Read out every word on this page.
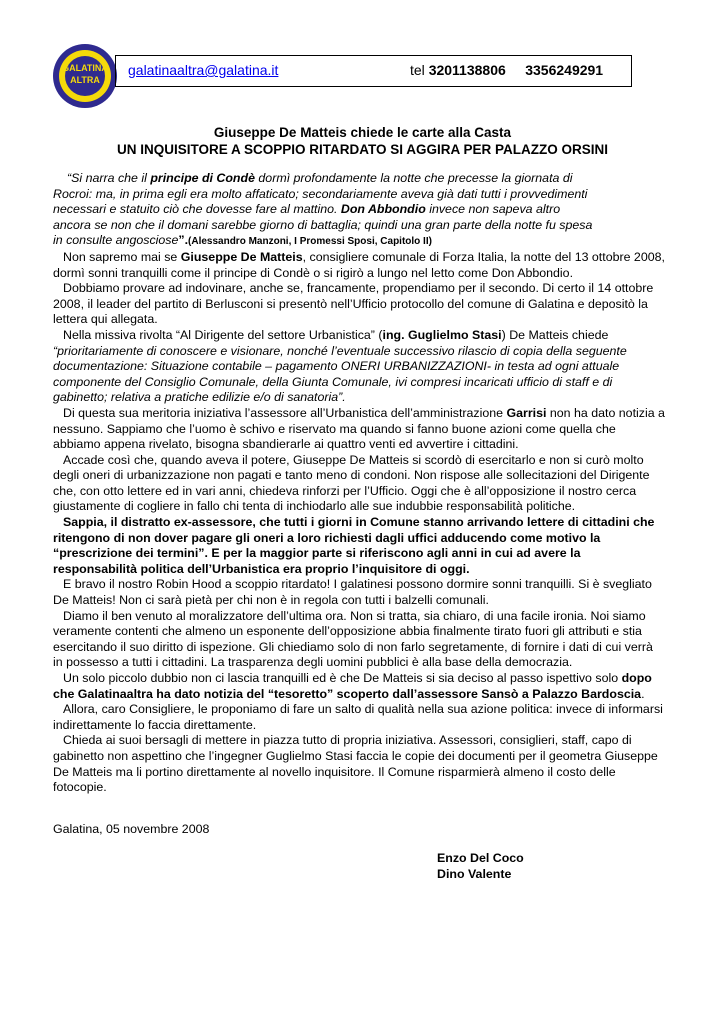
GALATINA
ALTRA
galatinaaltra@galatina.it	tel 3201138806 3356249291
Giuseppe De Matteis chiede le carte alla Casta
UN INQUISITORE A SCOPPIO RITARDATO SI AGGIRA PER PALAZZO ORSINI

“Si narra che il principe di Condè dormì profondamente la notte che precesse la giornata di Rocroi: ma, in prima egli era molto affaticato; secondariamente aveva già dati tutti i provvedimenti necessari e statuito ciò che dovesse fare al mattino. Don Abbondio invece non sapeva altro ancora se non che il domani sarebbe giorno di battaglia; quindi una gran parte della notte fu spesa in consulte angosciose”.(Alessandro Manzoni, I Promessi Sposi, Capitolo II)

Non sapremo mai se Giuseppe De Matteis, consigliere comunale di Forza Italia, la notte del 13 ottobre 2008, dormì sonni tranquilli come il principe di Condè o si rigirò a lungo nel letto come Don Abbondio.

Dobbiamo provare ad indovinare, anche se, francamente, propendiamo per il secondo. Di certo il 14 ottobre 2008, il leader del partito di Berlusconi si presentò nell’Ufficio protocollo del comune di Galatina e depositò la lettera qui allegata.

Nella missiva rivolta “Al Dirigente del settore Urbanistica” (ing. Guglielmo Stasi) De Matteis chiede “prioritariamente di conoscere e visionare, nonché l’eventuale successivo rilascio di copia della seguente documentazione: Situazione contabile – pagamento ONERI URBANIZZAZIONI- in testa ad ogni attuale componente del Consiglio Comunale, della Giunta Comunale, ivi compresi incaricati ufficio di staff e di gabinetto; relativa a pratiche edilizie e/o di sanatoria”.

Di questa sua meritoria iniziativa l’assessore all’Urbanistica dell’amministrazione Garrisi non ha dato notizia a nessuno. Sappiamo che l’uomo è schivo e riservato ma quando si fanno buone azioni come quella che abbiamo appena rivelato, bisogna sbandierarle ai quattro venti ed avvertire i cittadini.

Accade così che, quando aveva il potere, Giuseppe De Matteis si scordò di esercitarlo e non si curò molto degli oneri di urbanizzazione non pagati e tanto meno di condoni. Non rispose alle sollecitazioni del Dirigente che, con otto lettere ed in vari anni, chiedeva rinforzi per l’Ufficio. Oggi che è all’opposizione il nostro cerca giustamente di cogliere in fallo chi tenta di inchiodarlo alle sue indubbie responsabilità politiche.

Sappia, il distratto ex-assessore, che tutti i giorni in Comune stanno arrivando lettere di cittadini che ritengono di non dover pagare gli oneri a loro richiesti dagli uffici adducendo come motivo la “prescrizione dei termini”. E per la maggior parte si riferiscono agli anni in cui ad avere la responsabilità politica dell’Urbanistica era proprio l’inquisitore di oggi.

E bravo il nostro Robin Hood a scoppio ritardato! I galatinesi possono dormire sonni tranquilli. Si è svegliato De Matteis! Non ci sarà pietà per chi non è in regola con tutti i balzelli comunali.

Diamo il ben venuto al moralizzatore dell’ultima ora. Non si tratta, sia chiaro, di una facile ironia. Noi siamo veramente contenti che almeno un esponente dell’opposizione abbia finalmente tirato fuori gli attributi e stia esercitando il suo diritto di ispezione. Gli chiediamo solo di non farlo segretamente, di fornire i dati di cui verrà in possesso a tutti i cittadini. La trasparenza degli uomini pubblici è alla base della democrazia.

Un solo piccolo dubbio non ci lascia tranquilli ed è che De Matteis si sia deciso al passo ispettivo solo dopo che Galatinaaltra ha dato notizia del “tesoretto” scoperto dall’assessore Sansò a Palazzo Bardoscia.

Allora, caro Consigliere, le proponiamo di fare un salto di qualità nella sua azione politica: invece di informarsi indirettamente lo faccia direttamente.

Chieda ai suoi bersagli di mettere in piazza tutto di propria iniziativa. Assessori, consiglieri, staff, capo di gabinetto non aspettino che l’ingegner Guglielmo Stasi faccia le copie dei documenti per il geometra Giuseppe De Matteis ma li portino direttamente al novello inquisitore. Il Comune risparmierà almeno il costo delle fotocopie.

Galatina, 05 novembre 2008
Enzo Del Coco
Dino Valente
